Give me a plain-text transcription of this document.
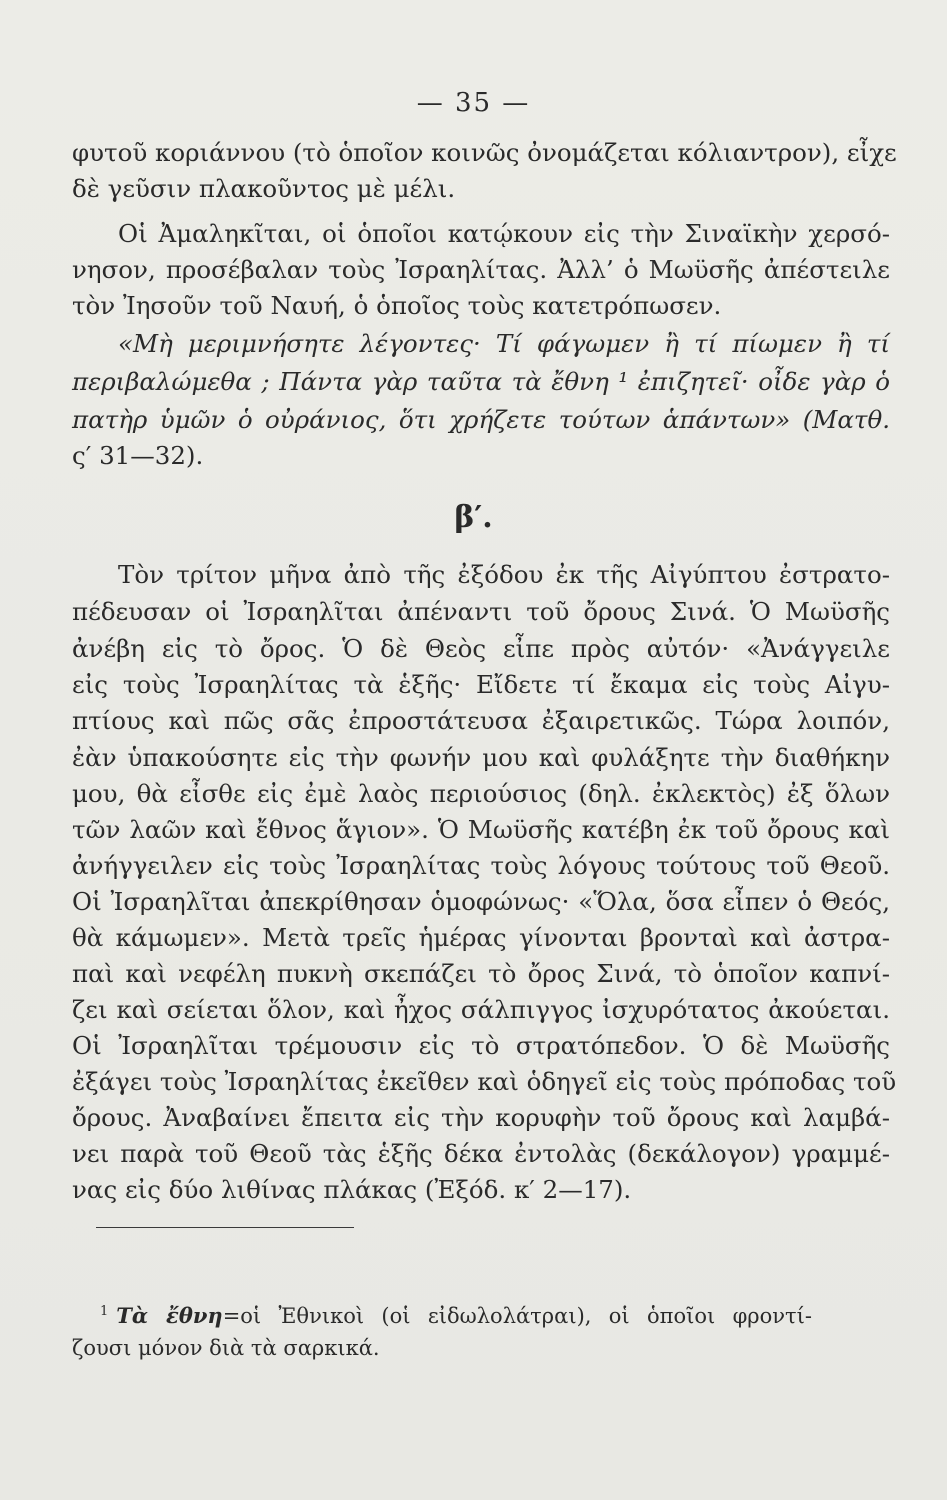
— 35 —
φυτοῦ κοριάννου (τὸ ὁποῖον κοινῶς ὀνομάζεται κόλιαντρον), εἶχε
δὲ γεῦσιν πλακοῦντος μὲ μέλι.
Οἱ Ἀμαληκῖται, οἱ ὁποῖοι κατῴκουν εἰς τὴν Σιναϊκὴν χερσό-
νησον, προσέβαλαν τοὺς Ἰσραηλίτας. Ἀλλ’ ὁ Μωϋσῆς ἀπέστειλε
τὸν Ἰησοῦν τοῦ Ναυή, ὁ ὁποῖος τοὺς κατετρόπωσεν.
«Μὴ μεριμνήσητε λέγοντες· Τί φάγωμεν ἢ τί πίωμεν ἢ τί
περιβαλώμεθα ; Πάντα γὰρ ταῦτα τὰ ἔθνη ¹ ἐπιζητεῖ· οἶδε γὰρ ὁ
πατὴρ ὑμῶν ὁ οὐράνιος, ὅτι χρήζετε τούτων ἁπάντων» (Ματθ.
ς′ 31—32).
β′.
Τὸν τρίτον μῆνα ἀπὸ τῆς ἐξόδου ἐκ τῆς Αἰγύπτου ἐστρατο-
πέδευσαν οἱ Ἰσραηλῖται ἀπέναντι τοῦ ὄρους Σινά. Ὁ Μωϋσῆς
ἀνέβη εἰς τὸ ὄρος. Ὁ δὲ Θεὸς εἶπε πρὸς αὐτόν· «Ἀνάγγειλε
εἰς τοὺς Ἰσραηλίτας τὰ ἑξῆς· Εἴδετε τί ἔκαμα εἰς τοὺς Αἰγυ-
πτίους καὶ πῶς σᾶς ἐπροστάτευσα ἐξαιρετικῶς. Τώρα λοιπόν,
ἐὰν ὑπακούσητε εἰς τὴν φωνήν μου καὶ φυλάξητε τὴν διαθήκην
μου, θὰ εἶσθε εἰς ἐμὲ λαὸς περιούσιος (δηλ. ἐκλεκτὸς) ἐξ ὅλων
τῶν λαῶν καὶ ἔθνος ἅγιον». Ὁ Μωϋσῆς κατέβη ἐκ τοῦ ὄρους καὶ
ἀνήγγειλεν εἰς τοὺς Ἰσραηλίτας τοὺς λόγους τούτους τοῦ Θεοῦ.
Οἱ Ἰσραηλῖται ἀπεκρίθησαν ὁμοφώνως· «Ὅλα, ὅσα εἶπεν ὁ Θεός,
θὰ κάμωμεν». Μετὰ τρεῖς ἡμέρας γίνονται βρονταὶ καὶ ἀστρα-
παὶ καὶ νεφέλη πυκνὴ σκεπάζει τὸ ὄρος Σινά, τὸ ὁποῖον καπνί-
ζει καὶ σείεται ὅλον, καὶ ἦχος σάλπιγγος ἰσχυρότατος ἀκούεται.
Οἱ Ἰσραηλῖται τρέμουσιν εἰς τὸ στρατόπεδον. Ὁ δὲ Μωϋσῆς
ἐξάγει τοὺς Ἰσραηλίτας ἐκεῖθεν καὶ ὁδηγεῖ εἰς τοὺς πρόποδας τοῦ
ὄρους. Ἀναβαίνει ἔπειτα εἰς τὴν κορυφὴν τοῦ ὄρους καὶ λαμβά-
νει παρὰ τοῦ Θεοῦ τὰς ἑξῆς δέκα ἐντολὰς (δεκάλογον) γραμμέ-
νας εἰς δύο λιθίνας πλάκας (Ἐξόδ. κ′ 2—17).
$^1$ Τὰ ἔθνη=οἱ Ἐθνικοὶ (οἱ εἰδωλολάτραι), οἱ ὁποῖοι φροντί-
ζουσι μόνον διὰ τὰ σαρκικά.
